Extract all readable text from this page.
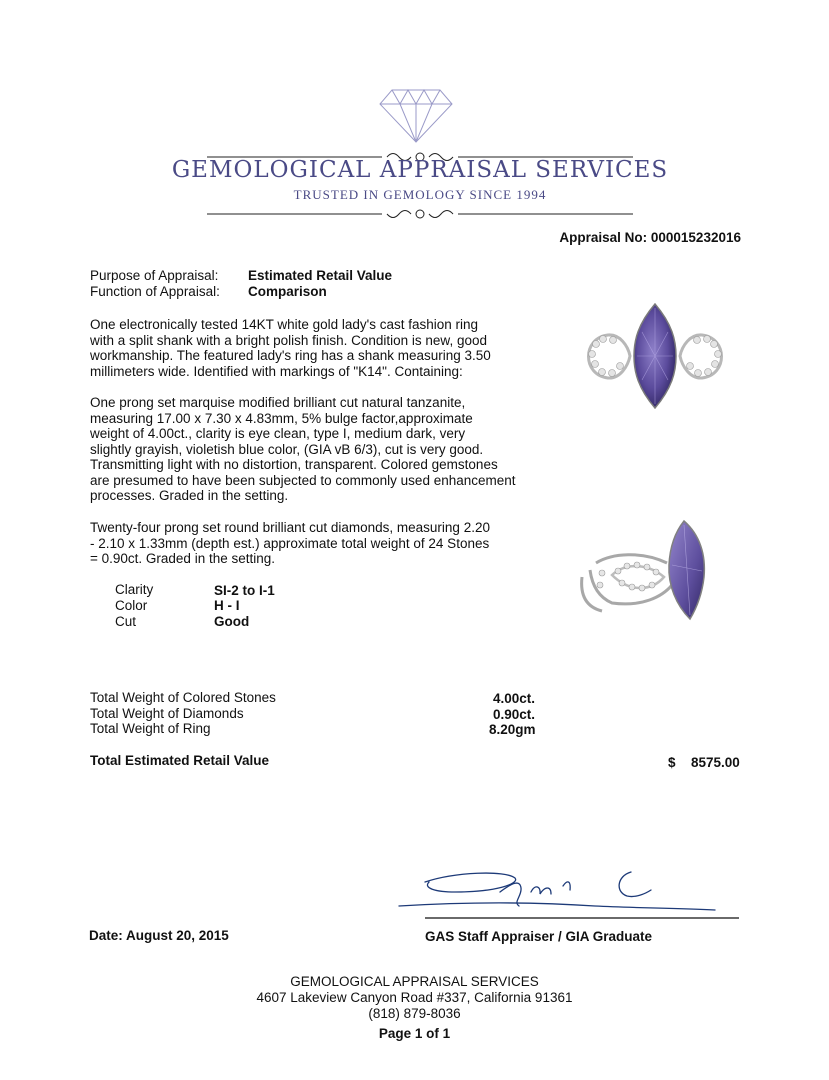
GEMOLOGICAL APPRAISAL SERVICES
TRUSTED IN GEMOLOGY SINCE 1994
Appraisal No: 000015232016
Purpose of Appraisal: Estimated Retail Value
Function of Appraisal: Comparison
One electronically tested 14KT white gold lady's cast fashion ring
with a split shank with a bright polish finish. Condition is new, good
workmanship. The featured lady's ring has a shank measuring 3.50
millimeters wide. Identified with markings of "K14". Containing:
One prong set marquise modified brilliant cut natural tanzanite,
measuring 17.00 x 7.30 x 4.83mm, 5% bulge factor,approximate
weight of 4.00ct., clarity is eye clean, type I, medium dark, very
slightly grayish, violetish blue color, (GIA vB 6/3), cut is very good.
Transmitting light with no distortion, transparent. Colored gemstones
are presumed to have been subjected to commonly used enhancement
processes. Graded in the setting.
Twenty-four prong set round brilliant cut diamonds, measuring 2.20
- 2.10 x 1.33mm (depth est.) approximate total weight of 24 Stones
= 0.90ct. Graded in the setting.
Clarity	SI-2 to I-1
Color	H - I
Cut	Good
Total Weight of Colored Stones	4.00ct.
Total Weight of Diamonds	0.90ct.
Total Weight of Ring	8.20gm
Total Estimated Retail Value	$ 8575.00
Date: August 20, 2015	GAS Staff Appraiser / GIA Graduate
GEMOLOGICAL APPRAISAL SERVICES
4607 Lakeview Canyon Road #337, California 91361
(818) 879-8036
Page 1 of 1
